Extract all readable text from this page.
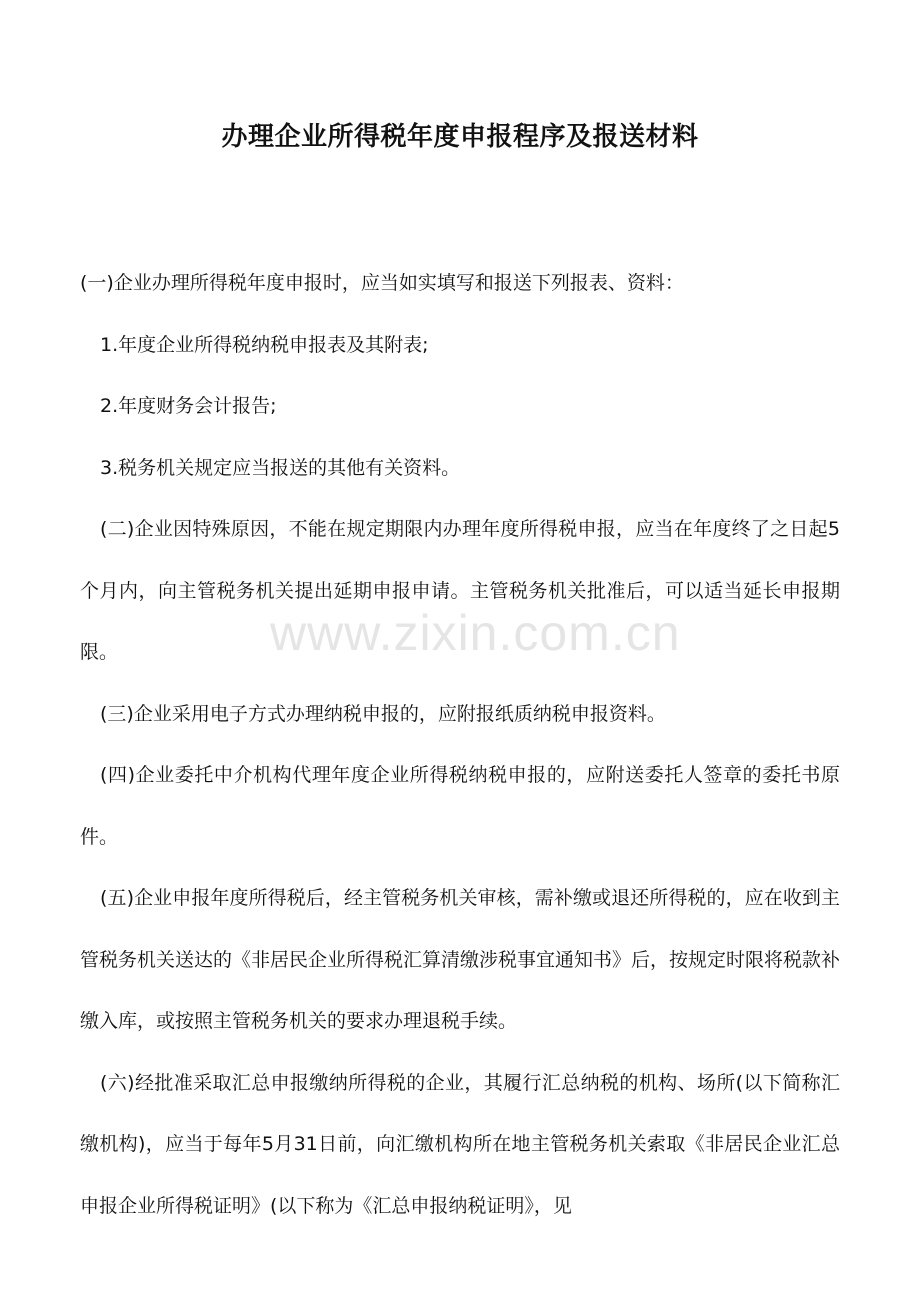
办理企业所得税年度申报程序及报送材料

(一)企业办理所得税年度申报时，应当如实填写和报送下列报表、资料：

1.年度企业所得税纳税申报表及其附表;

2.年度财务会计报告;

3.税务机关规定应当报送的其他有关资料。

(二)企业因特殊原因，不能在规定期限内办理年度所得税申报，应当在年度终了之日起5个月内，向主管税务机关提出延期申报申请。主管税务机关批准后，可以适当延长申报期限。

(三)企业采用电子方式办理纳税申报的，应附报纸质纳税申报资料。

(四)企业委托中介机构代理年度企业所得税纳税申报的，应附送委托人签章的委托书原件。

(五)企业申报年度所得税后，经主管税务机关审核，需补缴或退还所得税的，应在收到主管税务机关送达的《非居民企业所得税汇算清缴涉税事宜通知书》后，按规定时限将税款补缴入库，或按照主管税务机关的要求办理退税手续。

(六)经批准采取汇总申报缴纳所得税的企业，其履行汇总纳税的机构、场所(以下简称汇缴机构)，应当于每年5月31日前，向汇缴机构所在地主管税务机关索取《非居民企业汇总申报企业所得税证明》(以下称为《汇总申报纳税证明》，见

www.zixin.com.cn
